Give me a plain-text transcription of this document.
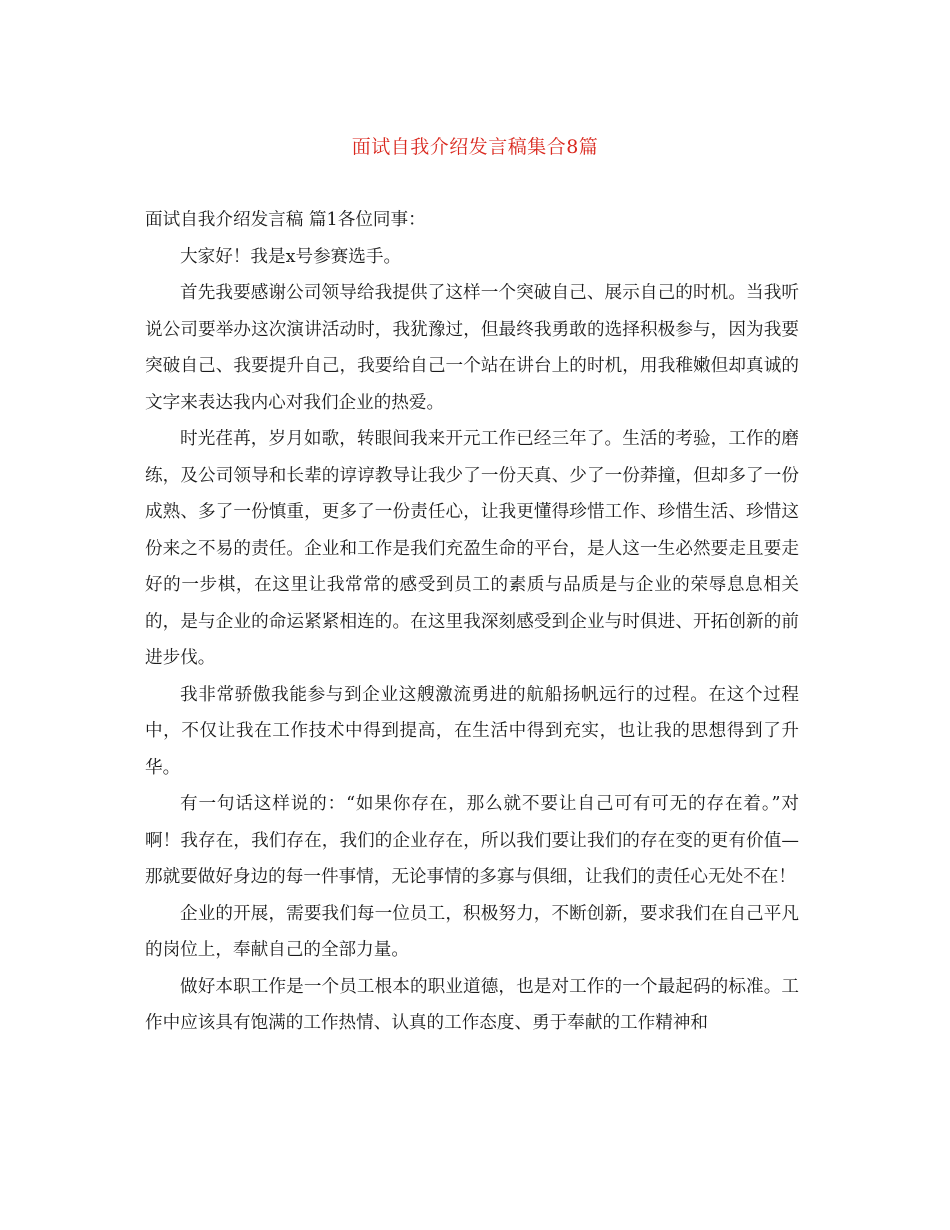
面试自我介绍发言稿集合8篇

面试自我介绍发言稿 篇1各位同事：

大家好！我是x号参赛选手。

首先我要感谢公司领导给我提供了这样一个突破自己、展示自己的时机。当我听说公司要举办这次演讲活动时，我犹豫过，但最终我勇敢的选择积极参与，因为我要突破自己、我要提升自己，我要给自己一个站在讲台上的时机，用我稚嫩但却真诚的文字来表达我内心对我们企业的热爱。

时光荏苒，岁月如歌，转眼间我来开元工作已经三年了。生活的考验，工作的磨练，及公司领导和长辈的谆谆教导让我少了一份天真、少了一份莽撞，但却多了一份成熟、多了一份慎重，更多了一份责任心，让我更懂得珍惜工作、珍惜生活、珍惜这份来之不易的责任。企业和工作是我们充盈生命的平台，是人这一生必然要走且要走好的一步棋，在这里让我常常的感受到员工的素质与品质是与企业的荣辱息息相关的，是与企业的命运紧紧相连的。在这里我深刻感受到企业与时俱进、开拓创新的前进步伐。

我非常骄傲我能参与到企业这艘激流勇进的航船扬帆远行的过程。在这个过程中，不仅让我在工作技术中得到提高，在生活中得到充实，也让我的思想得到了升华。

有一句话这样说的：“如果你存在，那么就不要让自己可有可无的存在着。”对啊！我存在，我们存在，我们的企业存在，所以我们要让我们的存在变的更有价值—那就要做好身边的每一件事情，无论事情的多寡与俱细，让我们的责任心无处不在！

企业的开展，需要我们每一位员工，积极努力，不断创新，要求我们在自己平凡的岗位上，奉献自己的全部力量。

做好本职工作是一个员工根本的职业道德，也是对工作的一个最起码的标准。工作中应该具有饱满的工作热情、认真的工作态度、勇于奉献的工作精神和
